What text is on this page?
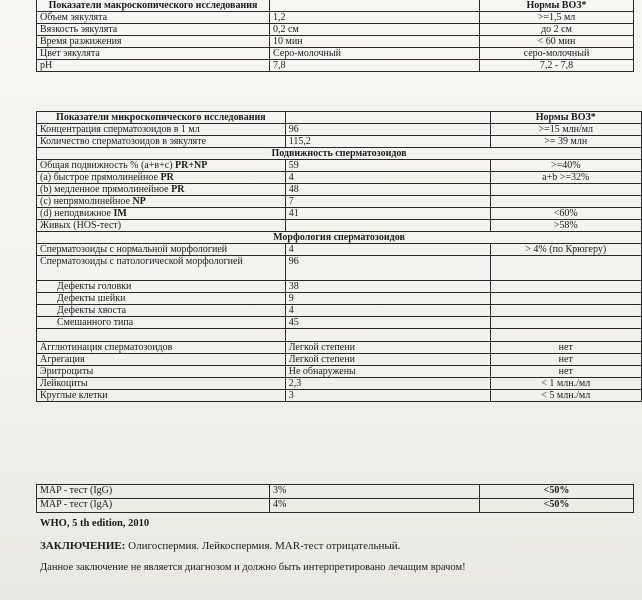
Показатели макроскопического исследования		Нормы ВОЗ*
Объем эякулята	1,2	>=1,5 мл
Вязкость эякулята	0,2 см	до 2 см
Время разжижения	10 мин	< 60 мин
Цвет эякулята	Серо-молочный	серо-молочный
pH	7,8	7,2 - 7,8
Показатели микроскопического исследования		Нормы ВОЗ*
Концентрация сперматозоидов в 1 мл	96	>=15 млн/мл
Количество сперматозоидов в эякуляте	115,2	>= 39 млн
Подвижность сперматозоидов		
Общая подвижность % (а+в+с) PR+NP	59	>=40%
(а) быстрое прямолинейное PR	4	а+b >=32%
(b) медленное прямолинейное PR	48	
(с) непрямолинейное NP	7	
(d) неподвижное IM	41	<60%
Живых (HOS-тест)		>58%
Морфология сперматозоидов		
Сперматозоиды с нормальной морфологией	4	> 4% (по Крюгеру)
Сперматозоиды с патологической морфологией	96	
Дефекты головки	38	
Дефекты шейки	9	
Дефекты хвоста	4	
Смешанного типа	45	

Агглютинация сперматозоидов	Легкой степени	нет
Агрегация	Легкой степени	нет
Эритроциты	Не обнаружены	нет
Лейкоциты	2,3	< 1 млн./мл
Круглые клетки	3	< 5 млн./мл
MAP - тест (IgG)	3%	<50%
MAP - тест (IgA)	4%	<50%
WHO, 5 th edition, 2010
ЗАКЛЮЧЕНИЕ: Олигоспермия. Лейкоспермия. MAR-тест отрицательный.
Данное заключение не является диагнозом и должно быть интерпретировано лечащим врачом!
